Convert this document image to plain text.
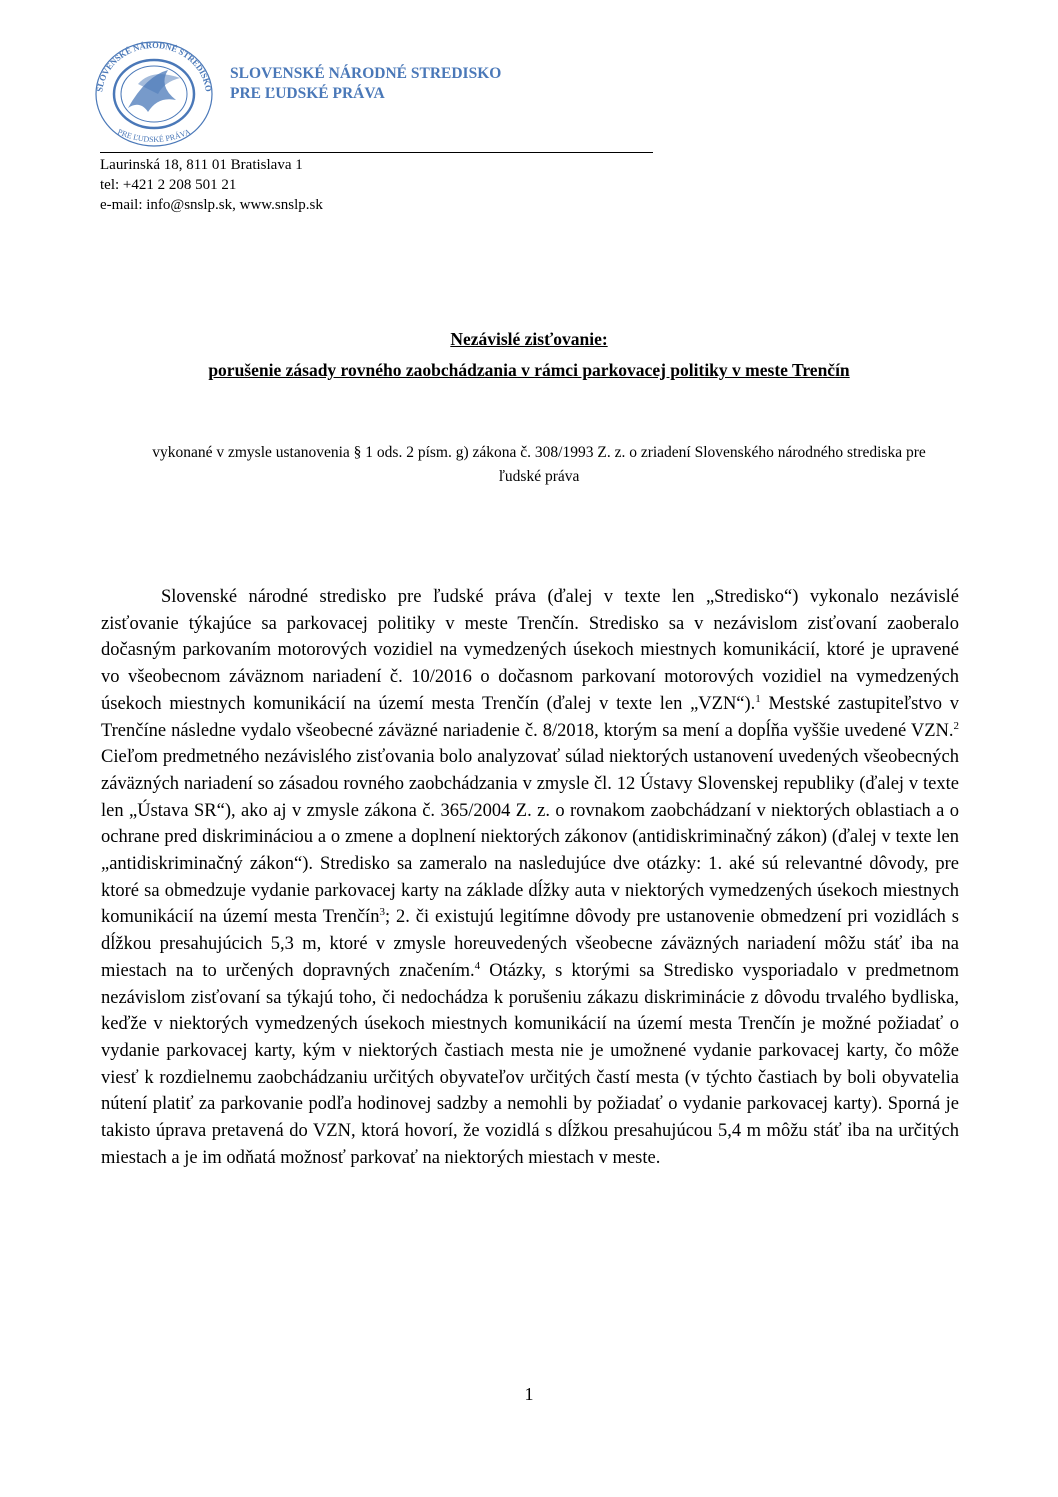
SLOVENSKÉ NÁRODNÉ STREDISKO
PRE ĽUDSKÉ PRÁVA
SLOVENSKÉ NÁRODNÉ STREDISKO
PRE ĽUDSKÉ PRÁVA
Laurinská 18, 811 01 Bratislava 1
tel: +421 2 208 501 21
e-mail: info@snslp.sk, www.snslp.sk
Nezávislé zisťovanie:
porušenie zásady rovného zaobchádzania v rámci parkovacej politiky v meste Trenčín
vykonané v zmysle ustanovenia § 1 ods. 2 písm. g) zákona č. 308/1993 Z. z. o zriadení Slovenského národného strediska pre ľudské práva

Slovenské národné stredisko pre ľudské práva (ďalej v texte len „Stredisko“) vykonalo nezávislé zisťovanie týkajúce sa parkovacej politiky v meste Trenčín. Stredisko sa v nezávislom zisťovaní zaoberalo dočasným parkovaním motorových vozidiel na vymedzených úsekoch miestnych komunikácií, ktoré je upravené vo všeobecnom záväznom nariadení č. 10/2016 o dočasnom parkovaní motorových vozidiel na vymedzených úsekoch miestnych komunikácií na území mesta Trenčín (ďalej v texte len „VZN“).$^1$ Mestské zastupiteľstvo v Trenčíne následne vydalo všeobecné záväzné nariadenie č. 8/2018, ktorým sa mení a dopĺňa vyššie uvedené VZN.$^2$ Cieľom predmetného nezávislého zisťovania bolo analyzovať súlad niektorých ustanovení uvedených všeobecných záväzných nariadení so zásadou rovného zaobchádzania v zmysle čl. 12 Ústavy Slovenskej republiky (ďalej v texte len „Ústava SR“), ako aj v zmysle zákona č. 365/2004 Z. z. o rovnakom zaobchádzaní v niektorých oblastiach a o ochrane pred diskrimináciou a o zmene a doplnení niektorých zákonov (antidiskriminačný zákon) (ďalej v texte len „antidiskriminačný zákon“). Stredisko sa zameralo na nasledujúce dve otázky: 1. aké sú relevantné dôvody, pre ktoré sa obmedzuje vydanie parkovacej karty na základe dĺžky auta v niektorých vymedzených úsekoch miestnych komunikácií na území mesta Trenčín$^3$; 2. či existujú legitímne dôvody pre ustanovenie obmedzení pri vozidlách s dĺžkou presahujúcich 5,3 m, ktoré v zmysle horeuvedených všeobecne záväzných nariadení môžu stáť iba na miestach na to určených dopravných značením.$^4$ Otázky, s ktorými sa Stredisko vysporiadalo v predmetnom nezávislom zisťovaní sa týkajú toho, či nedochádza k porušeniu zákazu diskriminácie z dôvodu trvalého bydliska, keďže v niektorých vymedzených úsekoch miestnych komunikácií na území mesta Trenčín je možné požiadať o vydanie parkovacej karty, kým v niektorých častiach mesta nie je umožnené vydanie parkovacej karty, čo môže viesť k rozdielnemu zaobchádzaniu určitých obyvateľov určitých častí mesta (v týchto častiach by boli obyvatelia nútení platiť za parkovanie podľa hodinovej sadzby a nemohli by požiadať o vydanie parkovacej karty). Sporná je takisto úprava pretavená do VZN, ktorá hovorí, že vozidlá s dĺžkou presahujúcou 5,4 m môžu stáť iba na určitých miestach a je im odňatá možnosť parkovať na niektorých miestach v meste.

1
